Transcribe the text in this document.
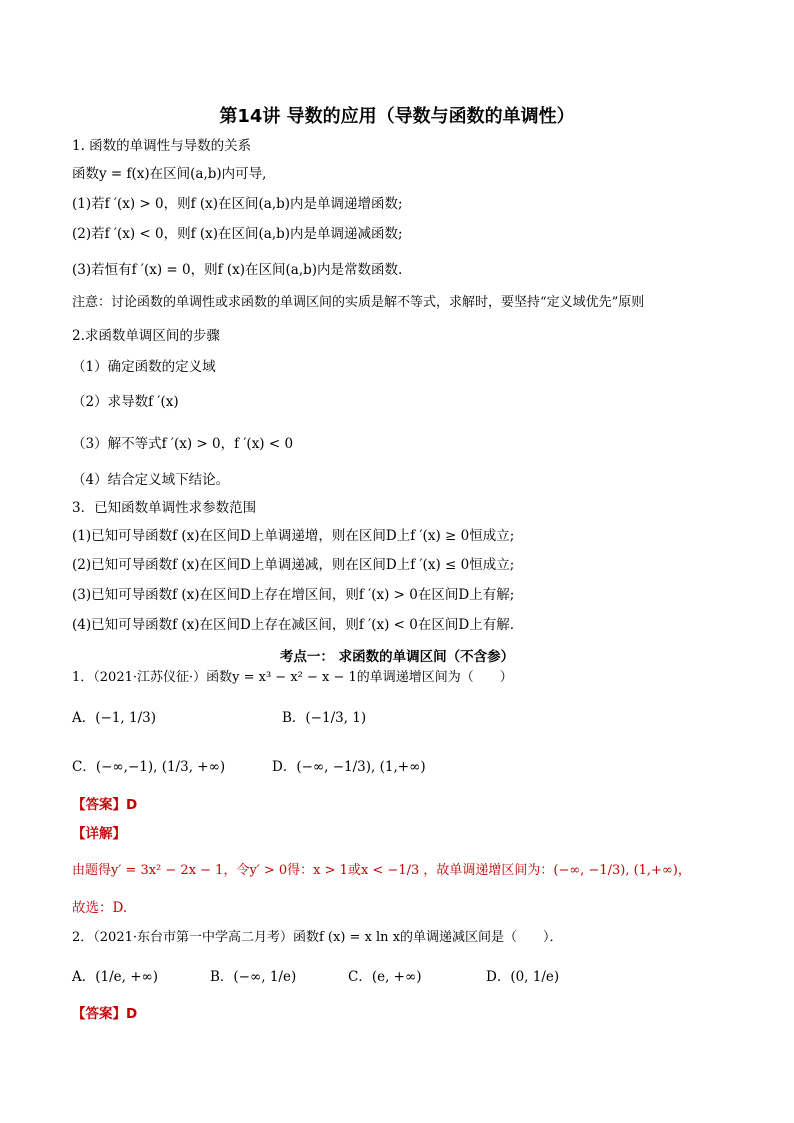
第14讲 导数的应用（导数与函数的单调性）
1. 函数的单调性与导数的关系
函数y = f(x)在区间(a,b)内可导,
(1)若f ′(x) > 0，则f (x)在区间(a,b)内是单调递增函数;
(2)若f ′(x) < 0，则f (x)在区间(a,b)内是单调递减函数;
(3)若恒有f ′(x) = 0，则f (x)在区间(a,b)内是常数函数.
注意：讨论函数的单调性或求函数的单调区间的实质是解不等式，求解时，要坚持“定义域优先”原则
2.求函数单调区间的步骤
（1）确定函数的定义域
（2）求导数f ′(x)
（3）解不等式f ′(x) > 0，f ′(x) < 0
（4）结合定义域下结论。
3．已知函数单调性求参数范围
(1)已知可导函数f (x)在区间D上单调递增，则在区间D上f ′(x) ≥ 0恒成立;
(2)已知可导函数f (x)在区间D上单调递减，则在区间D上f ′(x) ≤ 0恒成立;
(3)已知可导函数f (x)在区间D上存在增区间，则f ′(x) > 0在区间D上有解;
(4)已知可导函数f (x)在区间D上存在减区间，则f ′(x) < 0在区间D上有解.
考点一： 求函数的单调区间（不含参）
1．（2021·江苏仪征·）函数y = x³ − x² − x − 1的单调递增区间为（　　）
A．(−1, 1/3)	B．(−1/3, 1)
C．(−∞,−1), (1/3, +∞)	D．(−∞, −1/3), (1,+∞)
【答案】D
【详解】
由题得y′ = 3x² − 2x − 1，令y′ > 0得：x > 1或x < −1/3 ，故单调递增区间为：(−∞, −1/3), (1,+∞)，
故选：D.
2．（2021·东台市第一中学高二月考）函数f (x) = x ln x的单调递减区间是（　　）．
A．(1/e, +∞)	B．(−∞, 1/e)	C．(e, +∞)	D．(0, 1/e)
【答案】D
